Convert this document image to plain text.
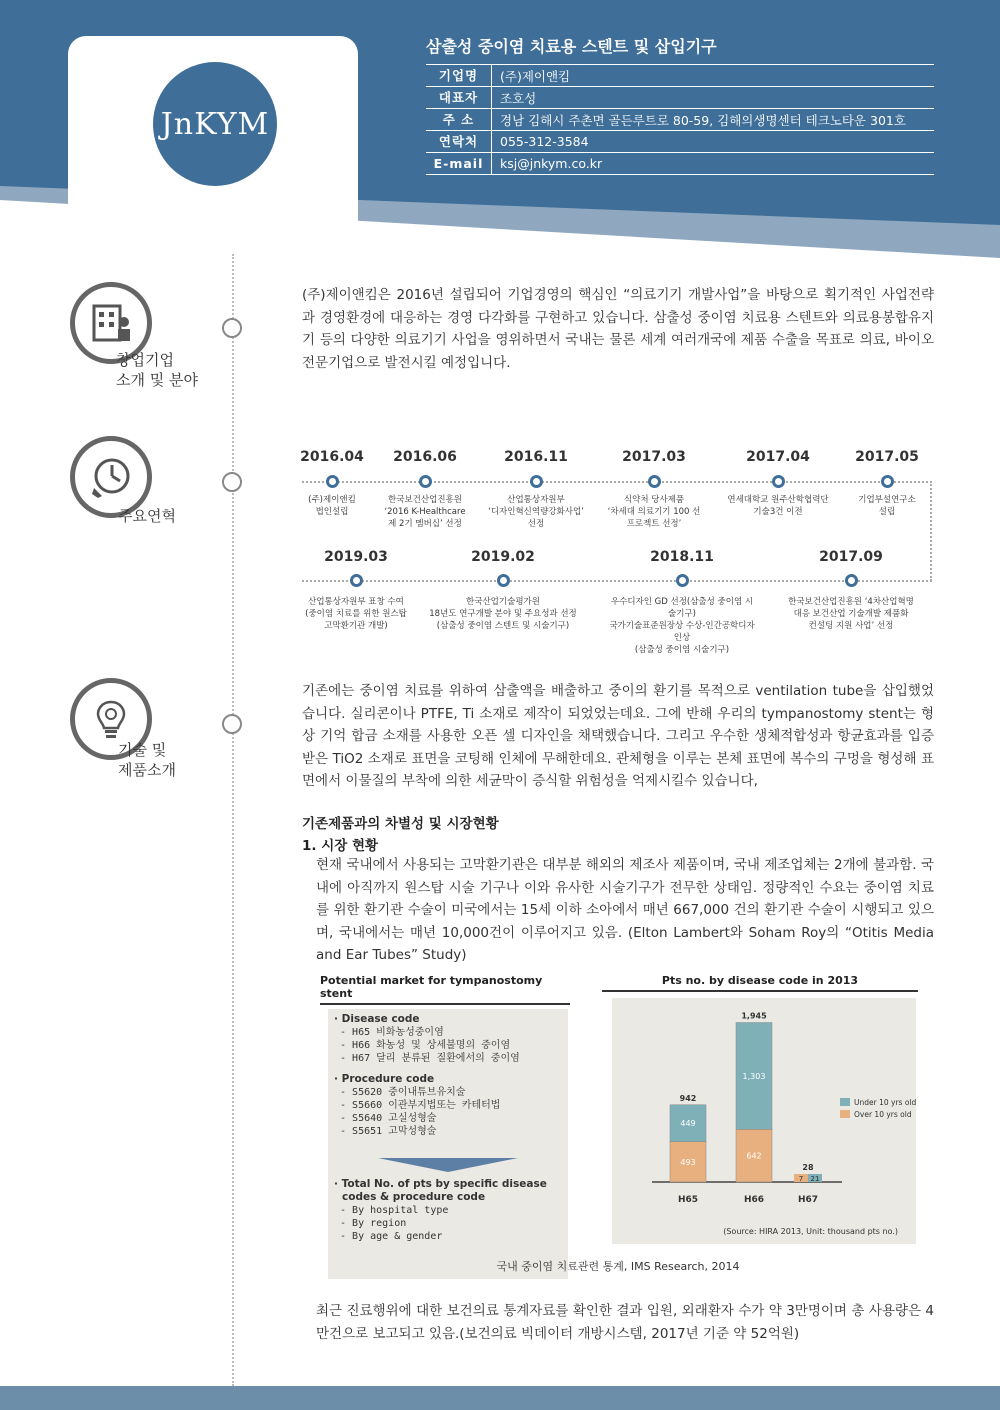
JnKYM
삼출성 중이염 치료용 스텐트 및 삽입기구
기업명	(주)제이앤킴
대표자	조호성
주 소	경남 김해시 주촌면 골든루트로 80-59, 김해의생명센터 테크노타운 301호
연락처	055-312-3584
E-mail	ksj@jnkym.co.kr
창업기업
소개 및 분야
주요연혁
기술 및
제품소개
(주)제이앤킴은 2016년 설립되어 기업경영의 핵심인 “의료기기 개발사업”을 바탕으로 획기적인 사업전략과 경영환경에 대응하는 경영 다각화를 구현하고 있습니다. 삼출성 중이염 치료용 스텐트와 의료용봉합유지기 등의 다양한 의료기기 사업을 영위하면서 국내는 물론 세계 여러개국에 제품 수출을 목표로 의료, 바이오 전문기업으로 발전시킬 예정입니다.
2016.04
(주)제이앤킴
법인설립
2016.06
한국보건산업진흥원
‘2016 K-Healthcare
제 2기 멤버십’ 선정
2016.11
산업통상자원부
‘디자인혁신역량강화사업’
선정
2017.03
식약처 당사제품
‘차세대 의료기기 100 선
프로젝트 선정’
2017.04
연세대학교 원주산학협력단
기술3건 이전
2017.05
기업부설연구소
설립
2019.03
산업통상자원부 표창 수여
(중이염 치료를 위한 원스탑
고막환기관 개발)
2019.02
한국산업기술평가원
18년도 연구개발 분야 및 주요성과 선정
(삼출성 중이염 스텐트 및 시술기구)
2018.11
우수디자인 GD 선정(삼출성 중이염 시술기구)
국가기술표준원장상 수상-인간공학디자인상
(삼출성 중이염 시술기구)
2017.09
한국보건산업진흥원 ‘4차산업혁명
대응 보건산업 기술개발 제품화
컨설팅 지원 사업’ 선정
기존에는 중이염 치료를 위하여 삼출액을 배출하고 중이의 환기를 목적으로 ventilation tube을 삽입했었습니다. 실리콘이나 PTFE, Ti 소재로 제작이 되었었는데요. 그에 반해 우리의 tympanostomy stent는 형상 기억 합금 소재를 사용한 오픈 셀 디자인을 채택했습니다. 그리고 우수한 생체적합성과 항균효과를 입증받은 TiO2 소재로 표면을 코팅해 인체에 무해한데요. 관체형을 이루는 본체 표면에 복수의 구멍을 형성해 표면에서 이물질의 부착에 의한 세균막이 증식할 위험성을 억제시킬수 있습니다,
기존제품과의 차별성 및 시장현황
1. 시장 현황
현재 국내에서 사용되는 고막환기관은 대부분 해외의 제조사 제품이며, 국내 제조업체는 2개에 불과함. 국내에 아직까지 원스탑 시술 기구나 이와 유사한 시술기구가 전무한 상태임. 정량적인 수요는 중이염 치료를 위한 환기관 수술이 미국에서는 15세 이하 소아에서 매년 667,000 건의 환기관 수술이 시행되고 있으며, 국내에서는 매년 10,000건이 이루어지고 있음. (Elton Lambert와 Soham Roy의 “Otitis Media and Ear Tubes” Study)
Potential market for tympanostomy stent
· Disease code
- H65 비화농성중이염
- H66 화농성 및 상세불명의 중이염
- H67 달리 분류된 질환에서의 중이염
· Procedure code
- S5620 중이내튜브유치술
- S5660 이관부지법또는 카테터법
- S5640 고실성형술
- S5651 고막성형술
· Total No. of pts by specific disease
codes & procedure code
- By hospital type
- By region
- By age & gender
Pts no. by disease code in 2013
493
449
942
H65
642
1,303
1,945
H66
7 21
28
H67
Under 10 yrs old
Over 10 yrs old
(Source: HIRA 2013, Unit: thousand pts no.)
국내 중이염 치료관련 통계, IMS Research, 2014
최근 진료행위에 대한 보건의료 통계자료를 확인한 결과 입원, 외래환자 수가 약 3만명이며 총 사용량은 4만건으로 보고되고 있음.(보건의료 빅데이터 개방시스템, 2017년 기준 약 52억원)
